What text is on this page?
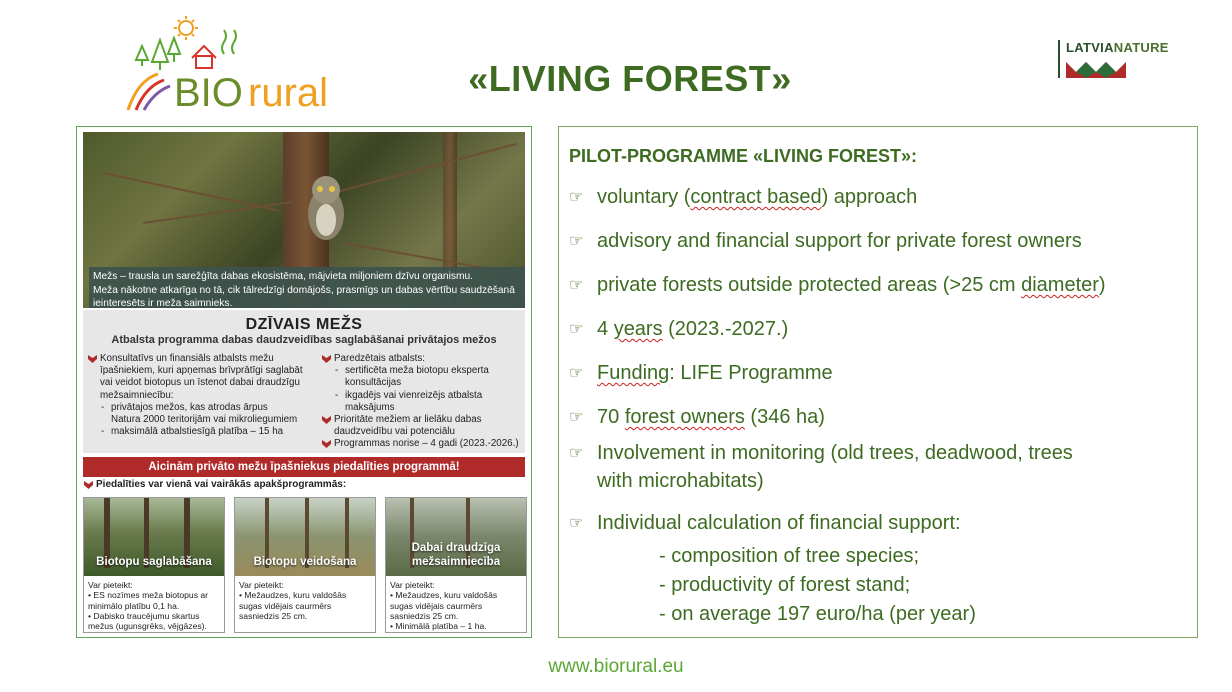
BIO rural	«LIVING FOREST»
LATVIANATURE
Mežs – trausla un sarežģīta dabas ekosistēma, mājvieta miljoniem dzīvu organismu.
Meža nākotne atkarīga no tā, cik tālredzīgi domājošs, prasmīgs un dabas vērtību saudzēšanā
ieinteresēts ir meža saimnieks.
DZĪVAIS MEŽS
Atbalsta programma dabas daudzveidības saglabāšanai privātajos mežos
Konsultatīvs un finansiāls atbalsts mežu
īpašniekiem, kuri apņemas brīvprātīgi saglabāt
vai veidot biotopus un īstenot dabai draudzīgu
mežsaimniecību:
- privātajos mežos, kas atrodas ārpus
Natura 2000 teritorijām vai mikroliegumiem
- maksimālā atbalstiesīgā platība – 15 ha
Paredzētais atbalsts:
- sertificēta meža biotopu eksperta
konsultācijas
- ikgadējs vai vienreizējs atbalsta
maksājums
Prioritāte mežiem ar lielāku dabas
daudzveidību vai potenciālu
Programmas norise – 4 gadi (2023.-2026.)
Aicinām privāto mežu īpašniekus piedalīties programmā!
Piedalīties var vienā vai vairākās apakšprogrammās:
Biotopu saglabāšana
Var pieteikt:
• ES nozīmes meža biotopus ar
minimālo platību 0,1 ha.
• Dabisko traucējumu skartus
mežus (ugunsgrēks, vējgāzes).
Biotopu veidošana
Var pieteikt:
• Mežaudzes, kuru valdošās
sugas vidējais caurmērs
sasniedzis 25 cm.
Dabai draudzīga
mežsaimniecība
Var pieteikt:
• Mežaudzes, kuru valdošās
sugas vidējais caurmērs
sasniedzis 25 cm.
• Minimālā platība – 1 ha.
PILOT-PROGRAMME «LIVING FOREST»:
☞ voluntary (contract based) approach
☞ advisory and financial support for private forest owners
☞ private forests outside protected areas (>25 cm diameter)
☞ 4 years (2023.-2027.)
☞ Funding: LIFE Programme
☞ 70 forest owners (346 ha)
☞ Involvement in monitoring (old trees, deadwood, trees
with microhabitats)
☞ Individual calculation of financial support:
- composition of tree species;
- productivity of forest stand;
- on average 197 euro/ha (per year)
www.biorural.eu
